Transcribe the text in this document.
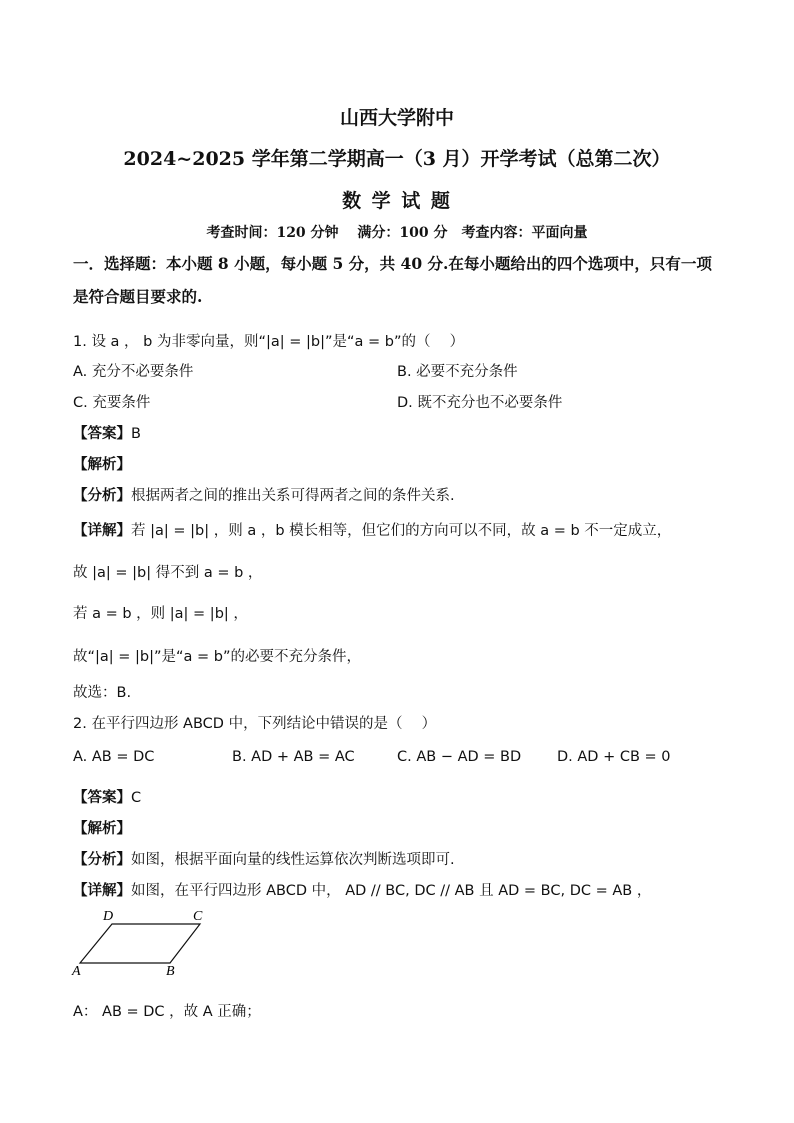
山西大学附中
2024~2025 学年第二学期高一（3 月）开学考试（总第二次）
数 学 试 题
考查时间：120 分钟　 满分：100 分　考查内容：平面向量
一．选择题：本小题 8 小题，每小题 5 分，共 40 分.在每小题给出的四个选项中，只有一项
是符合题目要求的.
1. 设 a ， b 为非零向量，则“|a| = |b|”是“a = b”的（　 ）
A. 充分不必要条件	B. 必要不充分条件
C. 充要条件	D. 既不充分也不必要条件
【答案】B
【解析】
【分析】根据两者之间的推出关系可得两者之间的条件关系.
【详解】若 |a| = |b| ，则 a ，b 模长相等，但它们的方向可以不同，故 a = b 不一定成立，
故 |a| = |b| 得不到 a = b ，
若 a = b ，则 |a| = |b| ，
故“|a| = |b|”是“a = b”的必要不充分条件，
故选：B.
2. 在平行四边形 ABCD 中，下列结论中错误的是（　 ）
A. AB = DC	B. AD + AB = AC	C. AB − AD = BD D. AD + CB = 0
【答案】C
【解析】
【分析】如图，根据平面向量的线性运算依次判断选项即可.
【详解】如图，在平行四边形 ABCD 中， AD // BC, DC // AB 且 AD = BC, DC = AB ，
D	C
A	B
A： AB = DC ，故 A 正确；
